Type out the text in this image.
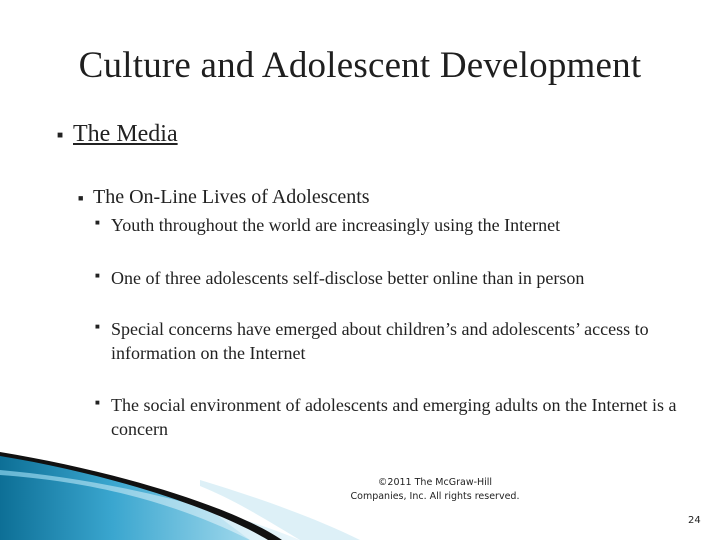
Culture and Adolescent Development
■ The Media
■ The On-Line Lives of Adolescents
■ Youth throughout the world are increasingly using the Internet
■ One of three adolescents self-disclose better online than in person
■ Special concerns have emerged about children’s and adolescents’ access to information on the Internet
■ The social environment of adolescents and emerging adults on the Internet is a concern
©2011 The McGraw-Hill
Companies, Inc. All rights reserved.
24
